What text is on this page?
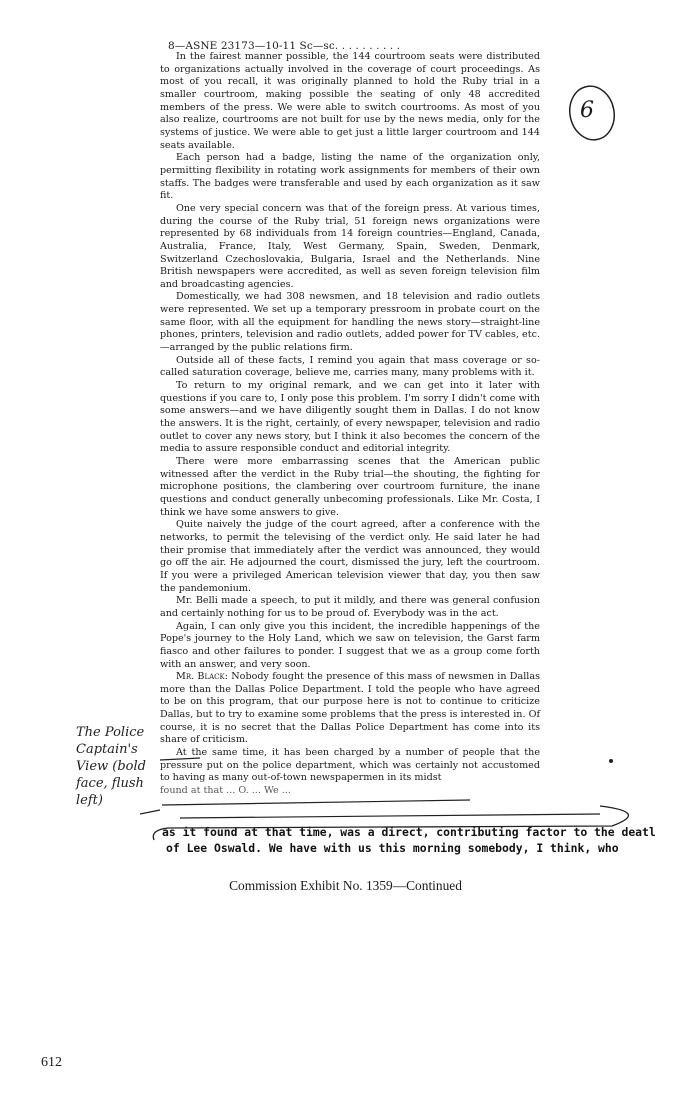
8—ASNE 23173—10-11 Sc—sc. . . . . . . . . .

In the fairest manner possible, the 144 courtroom seats were distributed to organizations actually involved in the coverage of court proceedings. As most of you recall, it was originally planned to hold the Ruby trial in a smaller courtroom, making possible the seating of only 48 accredited members of the press. We were able to switch courtrooms. As most of you also realize, courtrooms are not built for use by the news media, only for the systems of justice. We were able to get just a little larger courtroom and 144 seats available.

Each person had a badge, listing the name of the organization only, permitting flexibility in rotating work assignments for members of their own staffs. The badges were transferable and used by each organization as it saw fit.

One very special concern was that of the foreign press. At various times, during the course of the Ruby trial, 51 foreign news organizations were represented by 68 individuals from 14 foreign countries—England, Canada, Australia, France, Italy, West Germany, Spain, Sweden, Denmark, Switzerland Czechoslovakia, Bulgaria, Israel and the Netherlands. Nine British newspapers were accredited, as well as seven foreign television film and broadcasting agencies.

Domestically, we had 308 newsmen, and 18 television and radio outlets were represented. We set up a temporary pressroom in probate court on the same floor, with all the equipment for handling the news story—straight-line phones, printers, television and radio outlets, added power for TV cables, etc.—arranged by the public relations firm.

Outside all of these facts, I remind you again that mass coverage or so-called saturation coverage, believe me, carries many, many problems with it.

To return to my original remark, and we can get into it later with questions if you care to, I only pose this problem. I'm sorry I didn't come with some answers—and we have diligently sought them in Dallas. I do not know the answers. It is the right, certainly, of every newspaper, television and radio outlet to cover any news story, but I think it also becomes the concern of the media to assure responsible conduct and editorial integrity.

There were more embarrassing scenes that the American public witnessed after the verdict in the Ruby trial—the shouting, the fighting for microphone positions, the clambering over courtroom furniture, the inane questions and conduct generally unbecoming professionals. Like Mr. Costa, I think we have some answers to give.

Quite naively the judge of the court agreed, after a conference with the networks, to permit the televising of the verdict only. He said later he had their promise that immediately after the verdict was announced, they would go off the air. He adjourned the court, dismissed the jury, left the courtroom. If you were a privileged American television viewer that day, you then saw the pandemonium.

Mr. Belli made a speech, to put it mildly, and there was general confusion and certainly nothing for us to be proud of. Everybody was in the act.

Again, I can only give you this incident, the incredible happenings of the Pope's journey to the Holy Land, which we saw on television, the Garst farm fiasco and other failures to ponder. I suggest that we as a group come forth with an answer, and very soon.

Mr. Black: Nobody fought the presence of this mass of newsmen in Dallas more than the Dallas Police Department. I told the people who have agreed to be on this program, that our purpose here is not to continue to criticize Dallas, but to try to examine some problems that the press is interested in. Of course, it is no secret that the Dallas Police Department has come into its share of criticism.

At the same time, it has been charged by a number of people that the pressure put on the police department, which was certainly not accustomed to having as many out-of-town newspapermen in its midst

found at that ... O. ... We ...

as it found at that time, was a direct, contributing factor to the deatl
of Lee Oswald. We have with us this morning somebody, I think, who
Commission Exhibit No. 1359—Continued
612
The Police Captain's View (bold face, flush left)
6
